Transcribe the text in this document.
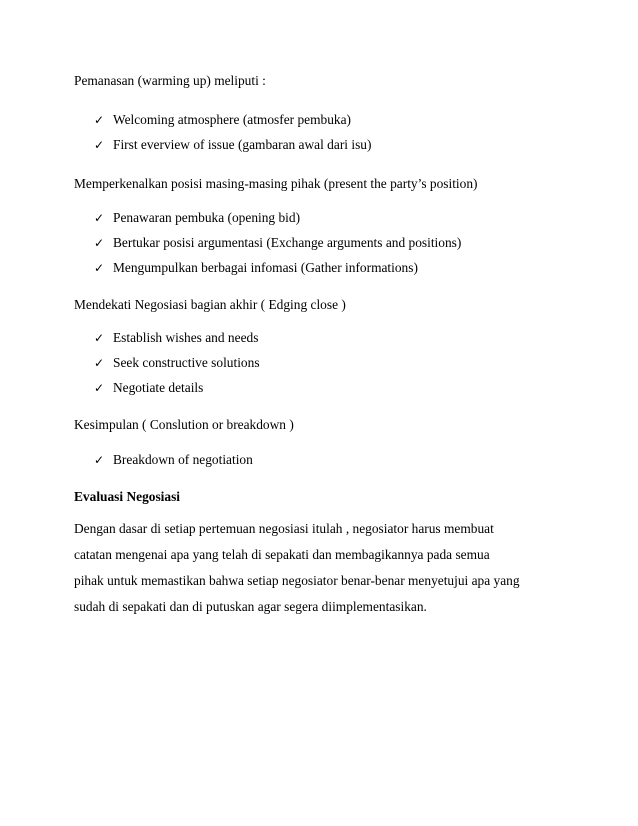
Pemanasan (warming up) meliputi :
✓ Welcoming atmosphere (atmosfer pembuka)
✓ First everview of issue (gambaran awal dari isu)
Memperkenalkan posisi masing-masing pihak (present the party’s position)
✓ Penawaran pembuka (opening bid)
✓ Bertukar posisi argumentasi (Exchange arguments and positions)
✓ Mengumpulkan berbagai infomasi (Gather informations)
Mendekati Negosiasi bagian akhir ( Edging close )
✓ Establish wishes and needs
✓ Seek constructive solutions
✓ Negotiate details
Kesimpulan ( Conslution or breakdown )
✓ Breakdown of negotiation
Evaluasi Negosiasi
Dengan dasar di setiap pertemuan negosiasi itulah , negosiator harus membuat
catatan mengenai apa yang telah di sepakati dan membagikannya pada semua
pihak untuk memastikan bahwa setiap negosiator benar-benar menyetujui apa yang
sudah di sepakati dan di putuskan agar segera diimplementasikan.
